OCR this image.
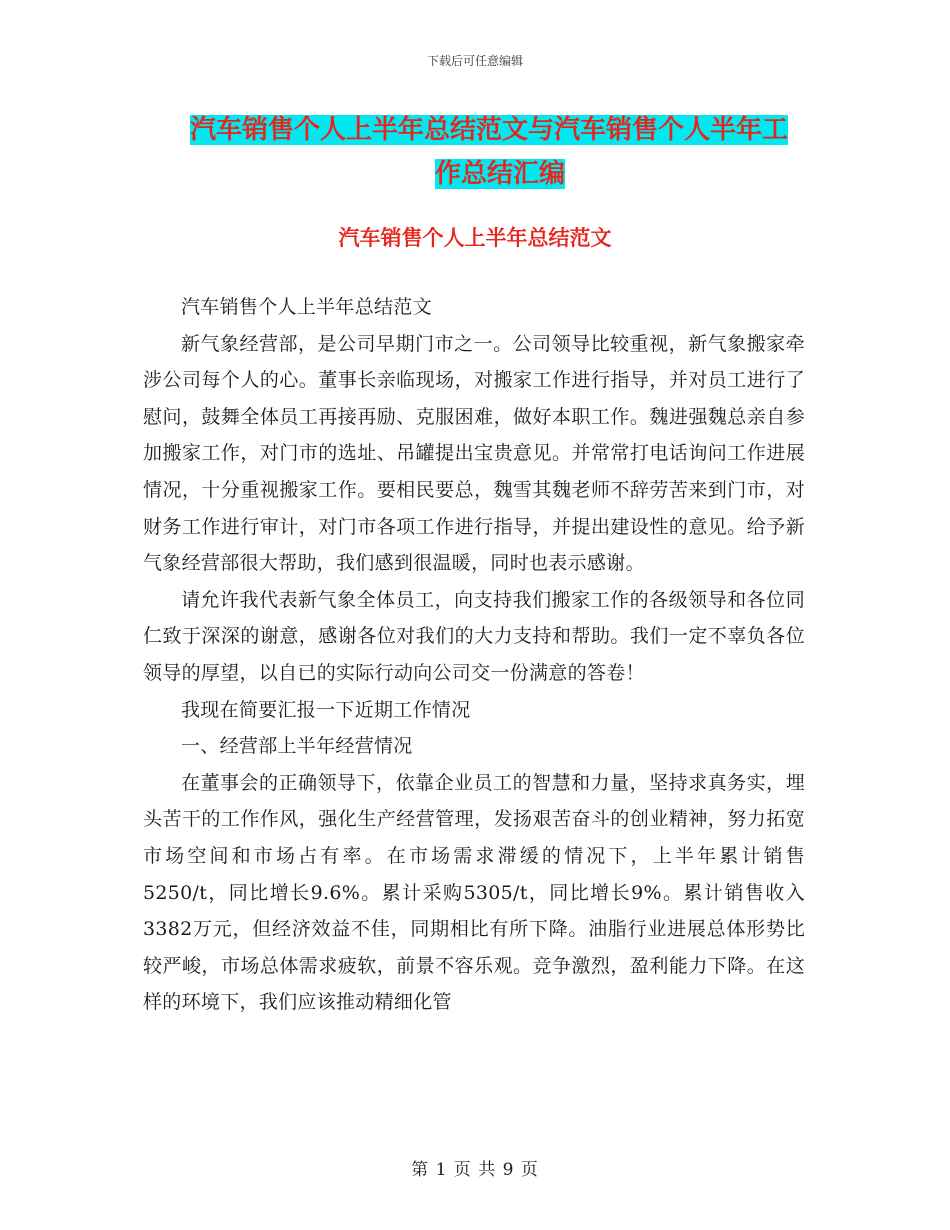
下载后可任意编辑
汽车销售个人上半年总结范文与汽车销售个人半年工
作总结汇编
汽车销售个人上半年总结范文

汽车销售个人上半年总结范文

新气象经营部，是公司早期门市之一。公司领导比较重视，新气象搬家牵涉公司每个人的心。董事长亲临现场，对搬家工作进行指导，并对员工进行了慰问，鼓舞全体员工再接再励、克服困难，做好本职工作。魏进强魏总亲自参加搬家工作，对门市的选址、吊罐提出宝贵意见。并常常打电话询问工作进展情况，十分重视搬家工作。要相民要总，魏雪其魏老师不辞劳苦来到门市，对财务工作进行审计，对门市各项工作进行指导，并提出建设性的意见。给予新气象经营部很大帮助，我们感到很温暖，同时也表示感谢。

请允许我代表新气象全体员工，向支持我们搬家工作的各级领导和各位同仁致于深深的谢意，感谢各位对我们的大力支持和帮助。我们一定不辜负各位领导的厚望，以自已的实际行动向公司交一份满意的答卷！

我现在简要汇报一下近期工作情况

一、经营部上半年经营情况

在董事会的正确领导下，依靠企业员工的智慧和力量，坚持求真务实，埋头苦干的工作作风，强化生产经营管理，发扬艰苦奋斗的创业精神，努力拓宽市场空间和市场占有率。在市场需求滞缓的情况下，上半年累计销售5250/t，同比增长9.6%。累计采购5305/t，同比增长9%。累计销售收入3382万元，但经济效益不佳，同期相比有所下降。油脂行业进展总体形势比较严峻，市场总体需求疲软，前景不容乐观。竞争激烈，盈利能力下降。在这样的环境下，我们应该推动精细化管

第 1 页 共 9 页
